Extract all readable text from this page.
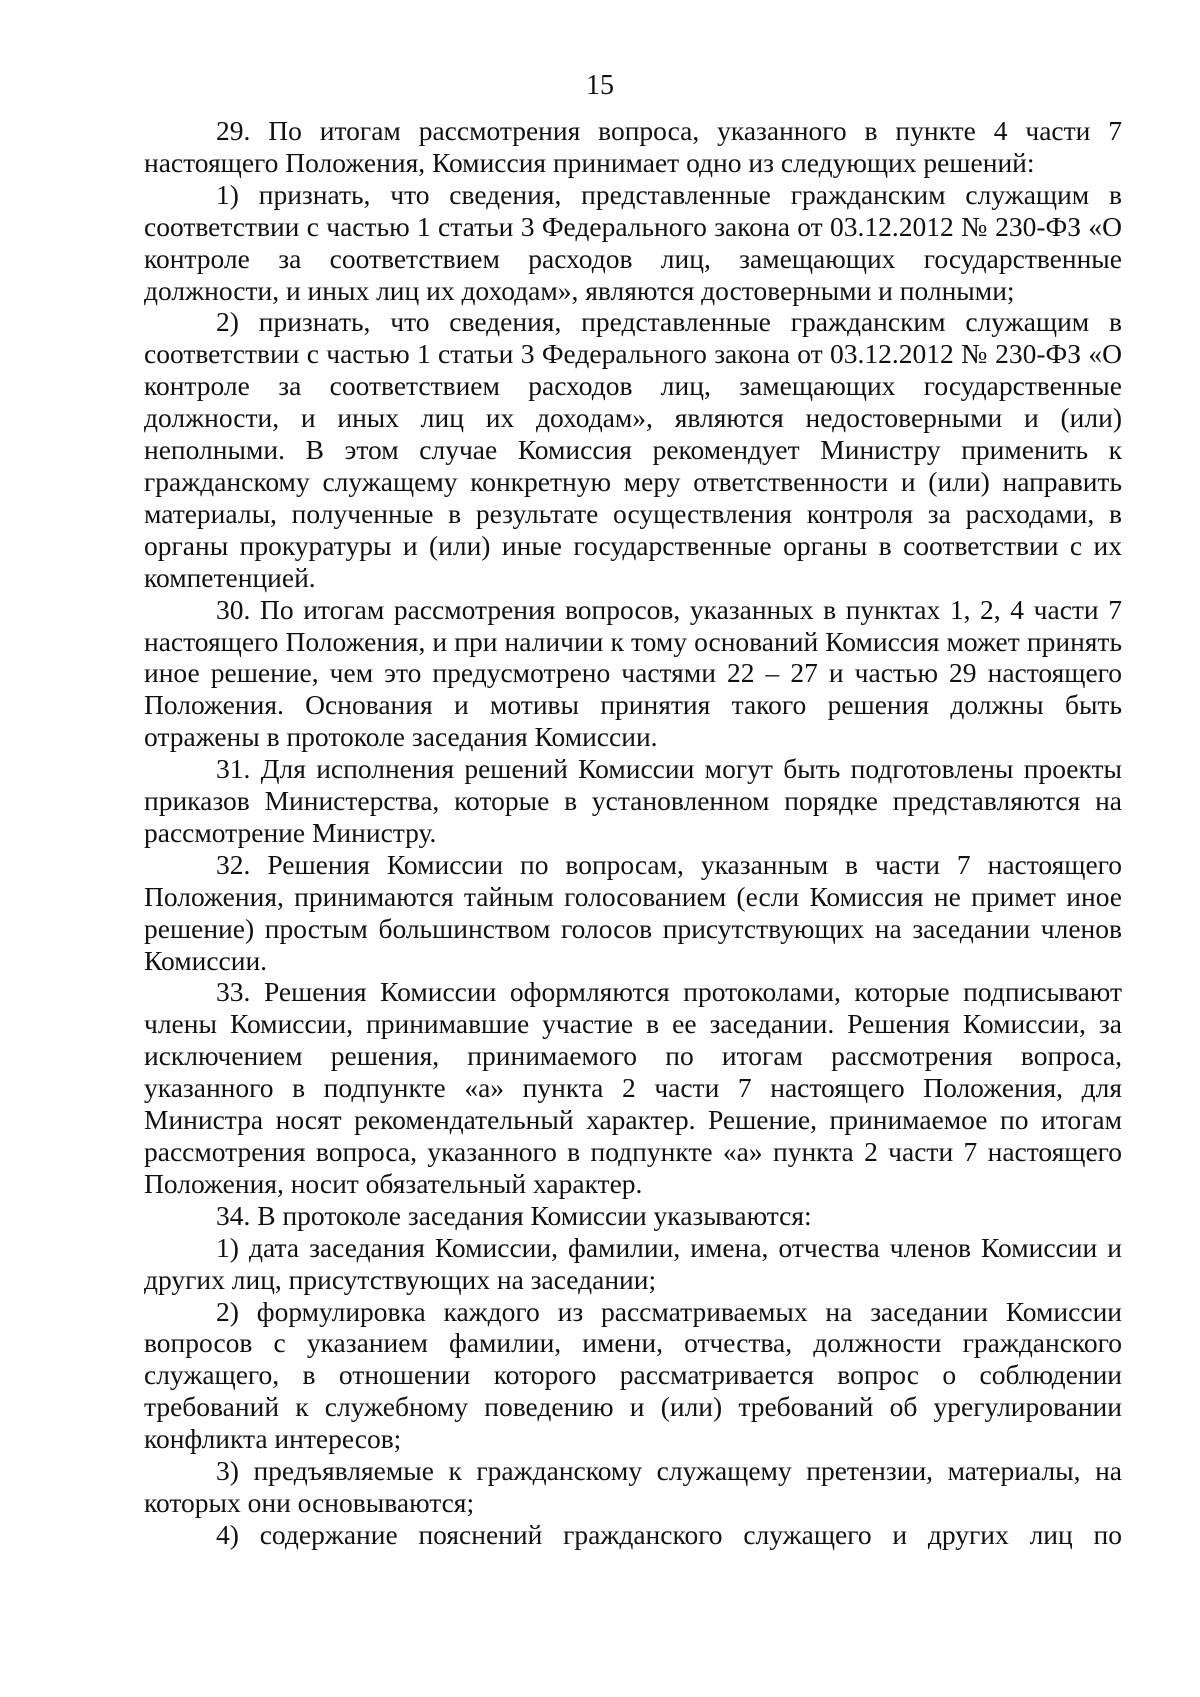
15

29. По итогам рассмотрения вопроса, указанного в пункте 4 части 7 настоящего Положения, Комиссия принимает одно из следующих решений:

1) признать, что сведения, представленные гражданским служащим в соответствии с частью 1 статьи 3 Федерального закона от 03.12.2012 № 230-ФЗ «О контроле за соответствием расходов лиц, замещающих государственные должности, и иных лиц их доходам», являются достоверными и полными;

2) признать, что сведения, представленные гражданским служащим в соответствии с частью 1 статьи 3 Федерального закона от 03.12.2012 № 230-ФЗ «О контроле за соответствием расходов лиц, замещающих государственные должности, и иных лиц их доходам», являются недостоверными и (или) неполными. В этом случае Комиссия рекомендует Министру применить к гражданскому служащему конкретную меру ответственности и (или) направить материалы, полученные в результате осуществления контроля за расходами, в органы прокуратуры и (или) иные государственные органы в соответствии с их компетенцией.

30. По итогам рассмотрения вопросов, указанных в пунктах 1, 2, 4 части 7 настоящего Положения, и при наличии к тому оснований Комиссия может принять иное решение, чем это предусмотрено частями 22 – 27 и частью 29 настоящего Положения. Основания и мотивы принятия такого решения должны быть отражены в протоколе заседания Комиссии.

31. Для исполнения решений Комиссии могут быть подготовлены проекты приказов Министерства, которые в установленном порядке представляются на рассмотрение Министру.

32. Решения Комиссии по вопросам, указанным в части 7 настоящего Положения, принимаются тайным голосованием (если Комиссия не примет иное решение) простым большинством голосов присутствующих на заседании членов Комиссии.

33. Решения Комиссии оформляются протоколами, которые подписывают члены Комиссии, принимавшие участие в ее заседании. Решения Комиссии, за исключением решения, принимаемого по итогам рассмотрения вопроса, указанного в подпункте «а» пункта 2 части 7 настоящего Положения, для Министра носят рекомендательный характер. Решение, принимаемое по итогам рассмотрения вопроса, указанного в подпункте «а» пункта 2 части 7 настоящего Положения, носит обязательный характер.

34. В протоколе заседания Комиссии указываются:

1) дата заседания Комиссии, фамилии, имена, отчества членов Комиссии и других лиц, присутствующих на заседании;

2) формулировка каждого из рассматриваемых на заседании Комиссии вопросов с указанием фамилии, имени, отчества, должности гражданского служащего, в отношении которого рассматривается вопрос о соблюдении требований к служебному поведению и (или) требований об урегулировании конфликта интересов;

3) предъявляемые к гражданскому служащему претензии, материалы, на которых они основываются;

4) содержание пояснений гражданского служащего и других лиц по
